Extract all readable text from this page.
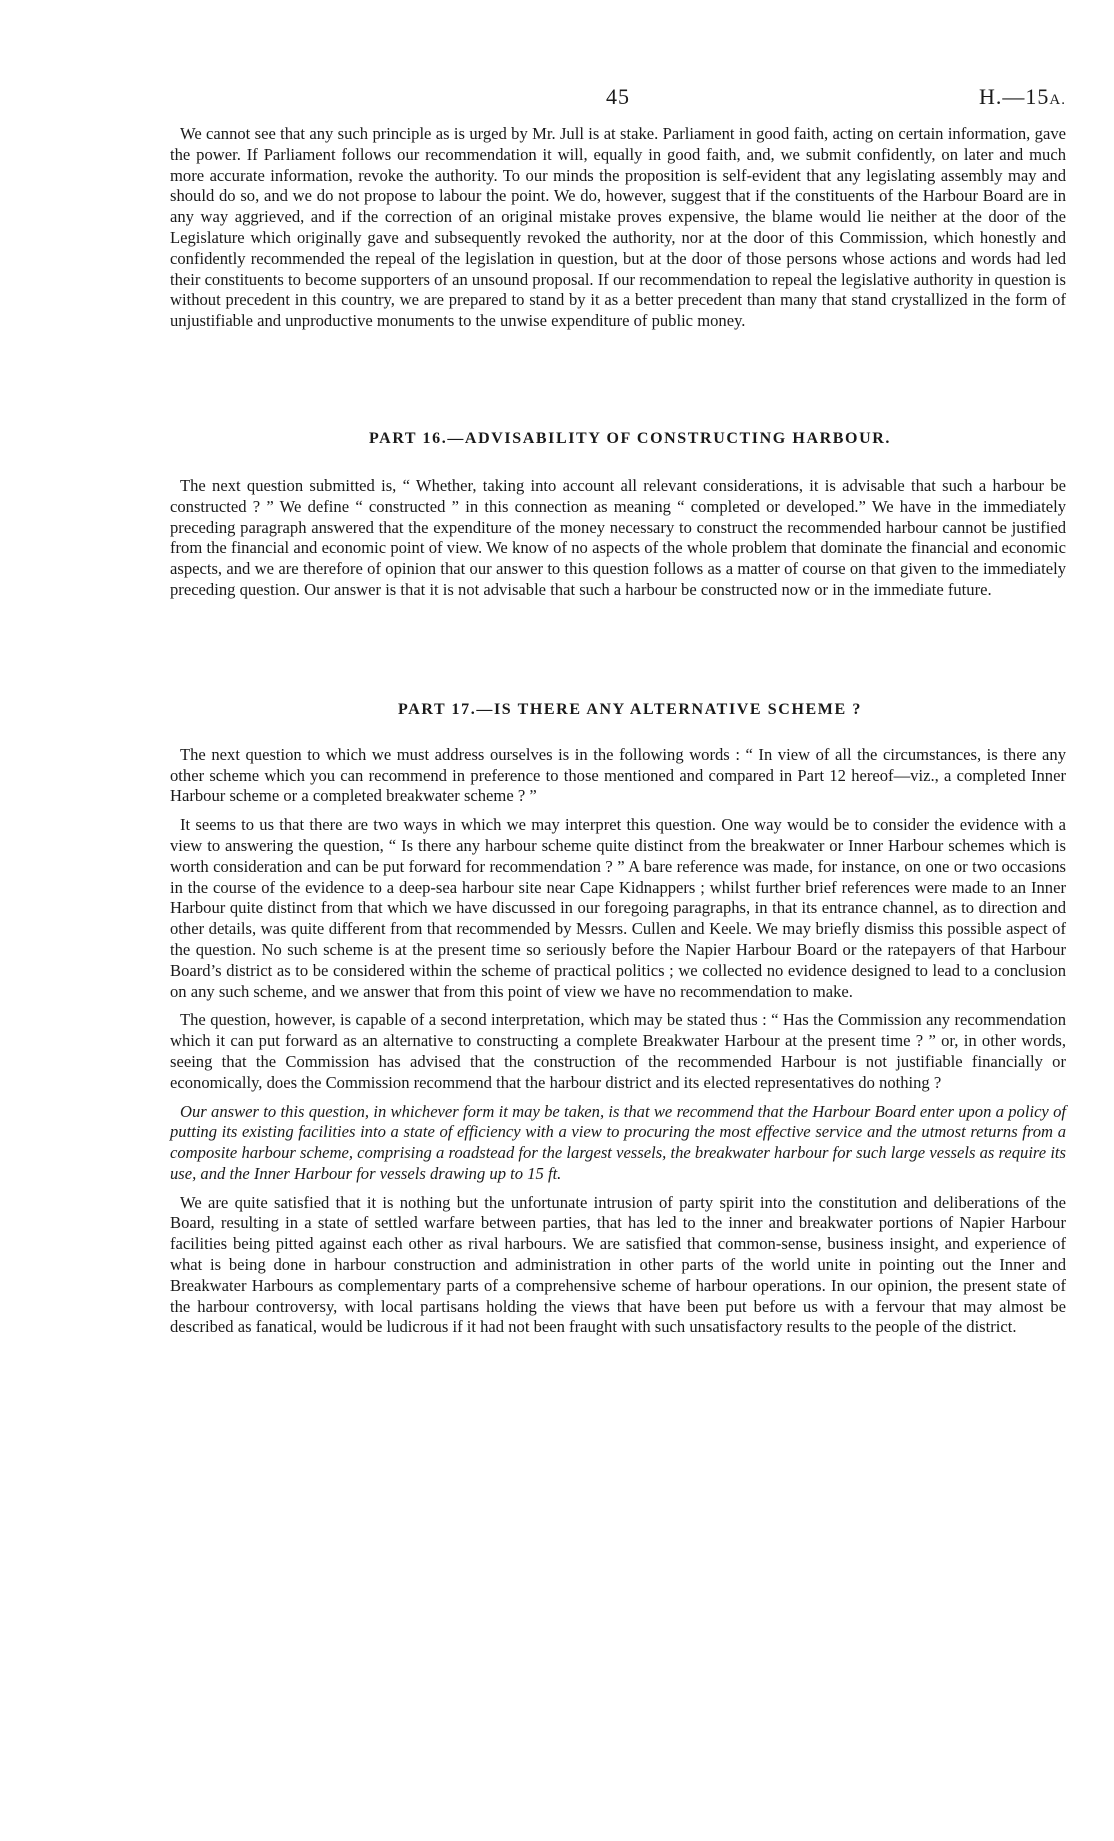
45	H.—15A.

We cannot see that any such principle as is urged by Mr. Jull is at stake. Parliament in good faith, acting on certain information, gave the power. If Parliament follows our recommendation it will, equally in good faith, and, we submit confidently, on later and much more accurate information, revoke the authority. To our minds the proposition is self-evident that any legislating assembly may and should do so, and we do not propose to labour the point. We do, however, suggest that if the constituents of the Harbour Board are in any way aggrieved, and if the correction of an original mistake proves expensive, the blame would lie neither at the door of the Legislature which originally gave and subsequently revoked the authority, nor at the door of this Commission, which honestly and confidently recommended the repeal of the legislation in question, but at the door of those persons whose actions and words had led their constituents to become supporters of an unsound proposal. If our recommendation to repeal the legislative authority in question is without precedent in this country, we are prepared to stand by it as a better precedent than many that stand crystallized in the form of unjustifiable and unproductive monuments to the unwise expenditure of public money.

PART 16.—ADVISABILITY OF CONSTRUCTING HARBOUR.

The next question submitted is, “ Whether, taking into account all relevant considerations, it is advisable that such a harbour be constructed ? ” We define “ constructed ” in this connection as meaning “ completed or developed.” We have in the immediately preceding paragraph answered that the expenditure of the money necessary to construct the recommended harbour cannot be justified from the financial and economic point of view. We know of no aspects of the whole problem that dominate the financial and economic aspects, and we are therefore of opinion that our answer to this question follows as a matter of course on that given to the immediately preceding question. Our answer is that it is not advisable that such a harbour be constructed now or in the immediate future.

PART 17.—IS THERE ANY ALTERNATIVE SCHEME ?

The next question to which we must address ourselves is in the following words : “ In view of all the circumstances, is there any other scheme which you can recommend in preference to those mentioned and compared in Part 12 hereof—viz., a completed Inner Harbour scheme or a completed breakwater scheme ? ”

It seems to us that there are two ways in which we may interpret this question. One way would be to consider the evidence with a view to answering the question, “ Is there any harbour scheme quite distinct from the breakwater or Inner Harbour schemes which is worth consideration and can be put forward for recommendation ? ” A bare reference was made, for instance, on one or two occasions in the course of the evidence to a deep-sea harbour site near Cape Kidnappers ; whilst further brief references were made to an Inner Harbour quite distinct from that which we have discussed in our foregoing paragraphs, in that its entrance channel, as to direction and other details, was quite different from that recommended by Messrs. Cullen and Keele. We may briefly dismiss this possible aspect of the question. No such scheme is at the present time so seriously before the Napier Harbour Board or the ratepayers of that Harbour Board’s district as to be considered within the scheme of practical politics ; we collected no evidence designed to lead to a conclusion on any such scheme, and we answer that from this point of view we have no recommendation to make.

The question, however, is capable of a second interpretation, which may be stated thus : “ Has the Commission any recommendation which it can put forward as an alternative to constructing a complete Breakwater Harbour at the present time ? ” or, in other words, seeing that the Commission has advised that the construction of the recommended Harbour is not justifiable financially or economically, does the Commission recommend that the harbour district and its elected representatives do nothing ?

Our answer to this question, in whichever form it may be taken, is that we recommend that the Harbour Board enter upon a policy of putting its existing facilities into a state of efficiency with a view to procuring the most effective service and the utmost returns from a composite harbour scheme, comprising a roadstead for the largest vessels, the breakwater harbour for such large vessels as require its use, and the Inner Harbour for vessels drawing up to 15 ft.

We are quite satisfied that it is nothing but the unfortunate intrusion of party spirit into the constitution and deliberations of the Board, resulting in a state of settled warfare between parties, that has led to the inner and breakwater portions of Napier Harbour facilities being pitted against each other as rival harbours. We are satisfied that common-sense, business insight, and experience of what is being done in harbour construction and administration in other parts of the world unite in pointing out the Inner and Breakwater Harbours as complementary parts of a comprehensive scheme of harbour operations. In our opinion, the present state of the harbour controversy, with local partisans holding the views that have been put before us with a fervour that may almost be described as fanatical, would be ludicrous if it had not been fraught with such unsatisfactory results to the people of the district.
